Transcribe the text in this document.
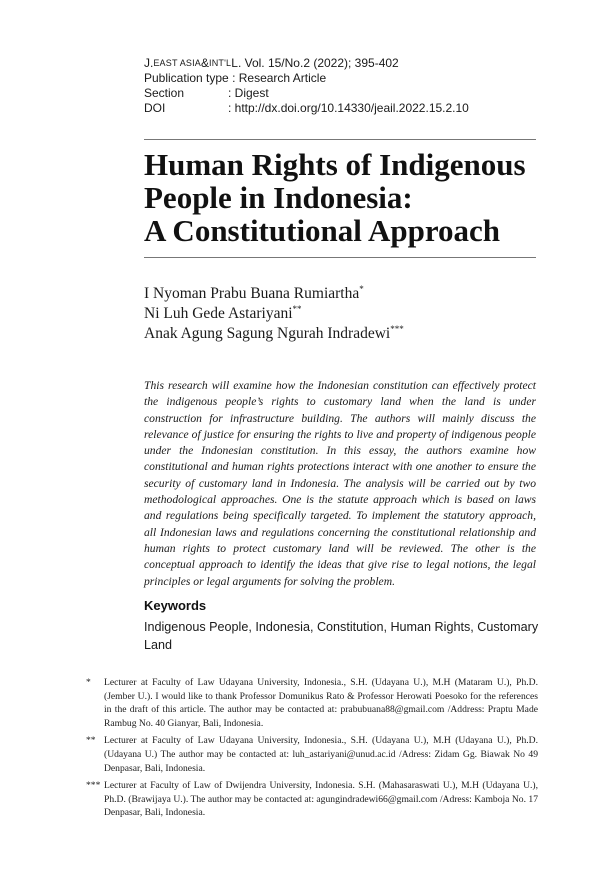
J. EAST ASIA & INT'L L. Vol. 15/No.2 (2022); 395-402
Publication type
: Research Article
Section	: Digest
DOI	: http://dx.doi.org/10.14330/jeail.2022.15.2.10
Human Rights of Indigenous
People in Indonesia:
A Constitutional Approach
I Nyoman Prabu Buana Rumiartha*
Ni Luh Gede Astariyani**
Anak Agung Sagung Ngurah Indradewi***

This research will examine how the Indonesian constitution can effectively protect the indigenous people’s rights to customary land when the land is under construction for infrastructure building. The authors will mainly discuss the relevance of justice for ensuring the rights to live and property of indigenous people under the Indonesian constitution. In this essay, the authors examine how constitutional and human rights protections interact with one another to ensure the security of customary land in Indonesia. The analysis will be carried out by two methodological approaches. One is the statute approach which is based on laws and regulations being specifically targeted. To implement the statutory approach, all Indonesian laws and regulations concerning the constitutional relationship and human rights to protect customary land will be reviewed. The other is the conceptual approach to identify the ideas that give rise to legal notions, the legal principles or legal arguments for solving the problem.

Keywords

Indigenous People, Indonesia, Constitution, Human Rights, Customary Land

*	Lecturer at Faculty of Law Udayana University, Indonesia., S.H. (Udayana U.), M.H (Mataram U.), Ph.D. (Jember U.). I would like to thank Professor Domunikus Rato & Professor Herowati Poesoko for the references in the draft of this article. The author may be contacted at: prabubuana88@gmail.com /Address: Praptu Made Rambug No. 40 Gianyar, Bali, Indonesia.
** Lecturer at Faculty of Law Udayana University, Indonesia., S.H. (Udayana U.), M.H (Udayana U.), Ph.D. (Udayana U.) The author may be contacted at: luh_astariyani@unud.ac.id /Adress: Zidam Gg. Biawak No 49 Denpasar, Bali, Indonesia.
*** Lecturer at Faculty of Law of Dwijendra University, Indonesia. S.H. (Mahasaraswati U.), M.H (Udayana U.), Ph.D. (Brawijaya U.). The author may be contacted at: agungindradewi66@gmail.com /Adress: Kamboja No. 17 Denpasar, Bali, Indonesia.
